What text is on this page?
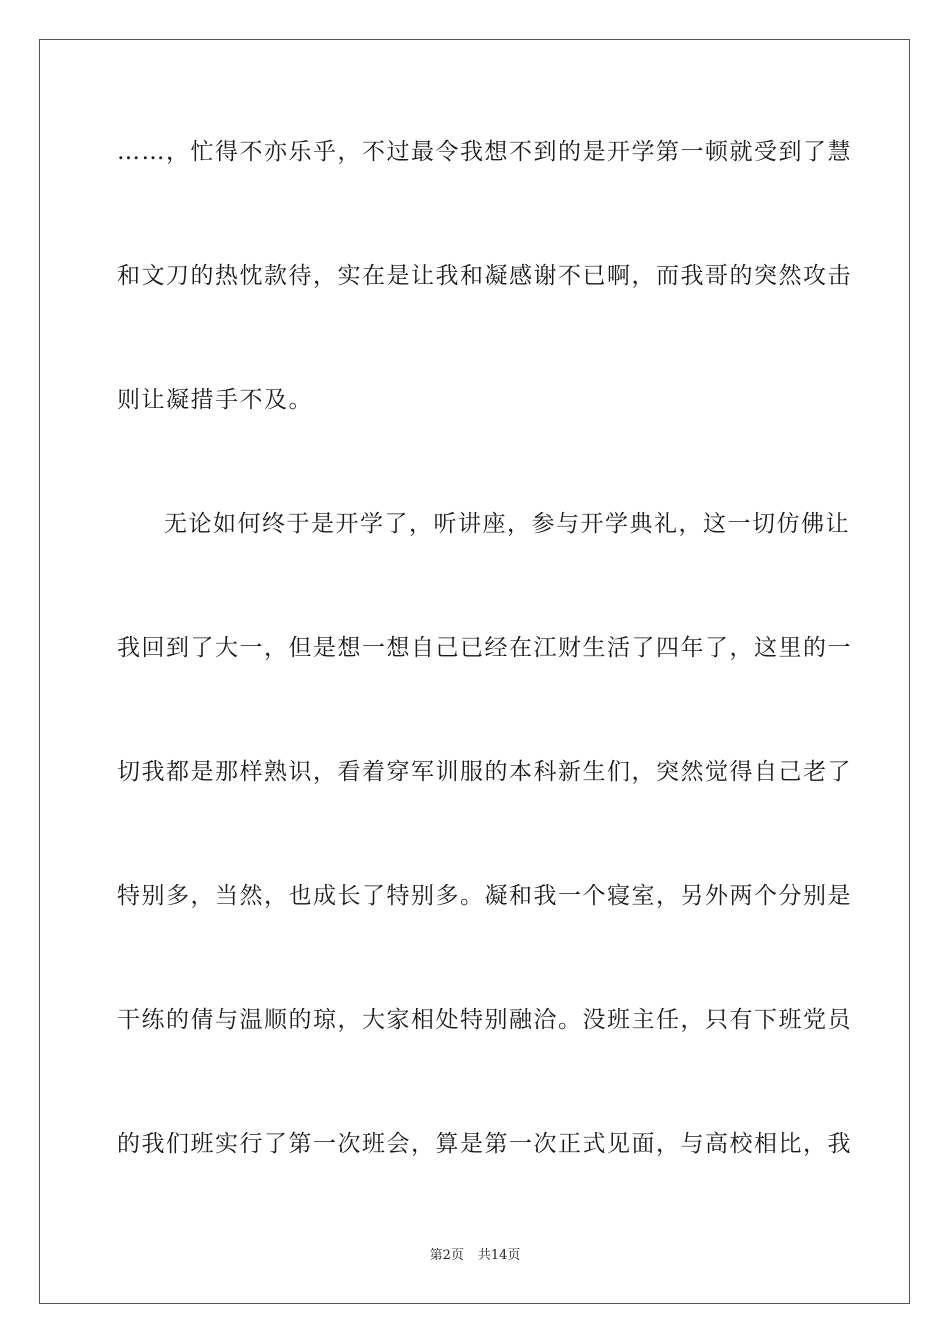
……，忙得不亦乐乎，不过最令我想不到的是开学第一顿就受到了慧
和文刀的热忱款待，实在是让我和凝感谢不已啊，而我哥的突然攻击
则让凝措手不及。
无论如何终于是开学了，听讲座，参与开学典礼，这一切仿佛让
我回到了大一，但是想一想自己已经在江财生活了四年了，这里的一
切我都是那样熟识，看着穿军训服的本科新生们，突然觉得自己老了
特别多，当然，也成长了特别多。凝和我一个寝室，另外两个分别是
干练的倩与温顺的琼，大家相处特别融洽。没班主任，只有下班党员
的我们班实行了第一次班会，算是第一次正式见面，与高校相比，我
第2页 共14页
